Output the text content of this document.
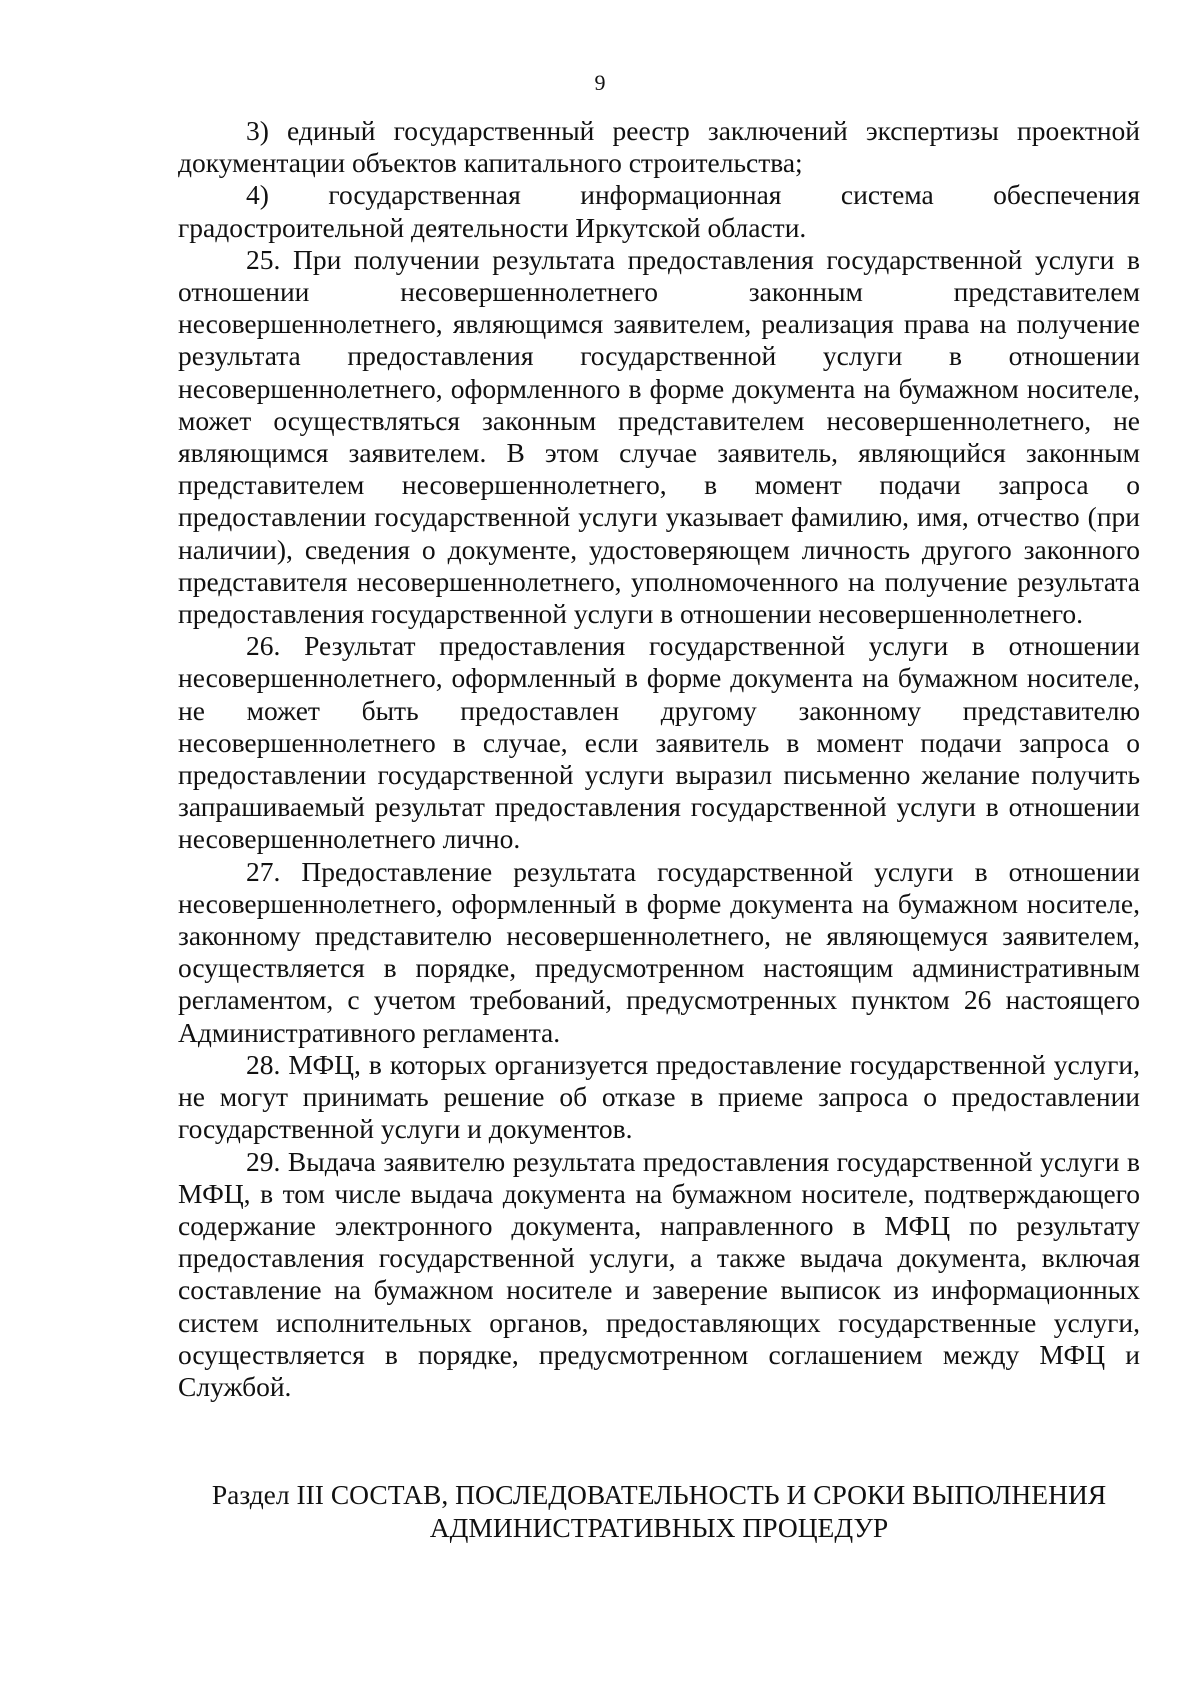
9

3) единый государственный реестр заключений экспертизы проектной документации объектов капитального строительства;

4) государственная информационная система обеспечения градостроительной деятельности Иркутской области.

25. При получении результата предоставления государственной услуги в отношении несовершеннолетнего законным представителем несовершеннолетнего, являющимся заявителем, реализация права на получение результата предоставления государственной услуги в отношении несовершеннолетнего, оформленного в форме документа на бумажном носителе, может осуществляться законным представителем несовершеннолетнего, не являющимся заявителем. В этом случае заявитель, являющийся законным представителем несовершеннолетнего, в момент подачи запроса о предоставлении государственной услуги указывает фамилию, имя, отчество (при наличии), сведения о документе, удостоверяющем личность другого законного представителя несовершеннолетнего, уполномоченного на получение результата предоставления государственной услуги в отношении несовершеннолетнего.

26. Результат предоставления государственной услуги в отношении несовершеннолетнего, оформленный в форме документа на бумажном носителе, не может быть предоставлен другому законному представителю несовершеннолетнего в случае, если заявитель в момент подачи запроса о предоставлении государственной услуги выразил письменно желание получить запрашиваемый результат предоставления государственной услуги в отношении несовершеннолетнего лично.

27. Предоставление результата государственной услуги в отношении несовершеннолетнего, оформленный в форме документа на бумажном носителе, законному представителю несовершеннолетнего, не являющемуся заявителем, осуществляется в порядке, предусмотренном настоящим административным регламентом, с учетом требований, предусмотренных пунктом 26 настоящего Административного регламента.

28. МФЦ, в которых организуется предоставление государственной услуги, не могут принимать решение об отказе в приеме запроса о предоставлении государственной услуги и документов.

29. Выдача заявителю результата предоставления государственной услуги в МФЦ, в том числе выдача документа на бумажном носителе, подтверждающего содержание электронного документа, направленного в МФЦ по результату предоставления государственной услуги, а также выдача документа, включая составление на бумажном носителе и заверение выписок из информационных систем исполнительных органов, предоставляющих государственные услуги, осуществляется в порядке, предусмотренном соглашением между МФЦ и Службой.

Раздел III СОСТАВ, ПОСЛЕДОВАТЕЛЬНОСТЬ И СРОКИ ВЫПОЛНЕНИЯ
АДМИНИСТРАТИВНЫХ ПРОЦЕДУР
